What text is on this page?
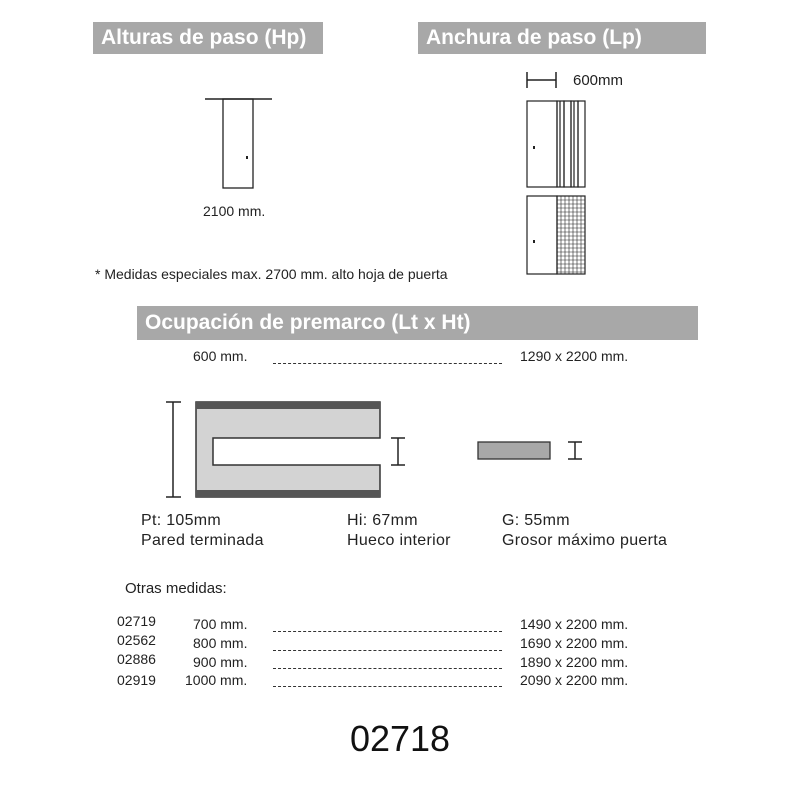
Alturas de paso (Hp)	Anchura de paso (Lp)
Ocupación de premarco (Lt x Ht)
2100 mm.
* Medidas especiales max. 2700 mm. alto hoja de puerta
600mm
600 mm.	1290 x 2200 mm.
Pt: 105mm
Pared terminada
Hi: 67mm
Hueco interior
G: 55mm
Grosor máximo puerta
Otras medidas:
02719	700 mm.	1490 x 2200 mm.
02562	800 mm.	1690 x 2200 mm.
02886	900 mm.	1890 x 2200 mm.
02919 1000 mm.	2090 x 2200 mm.
02718
